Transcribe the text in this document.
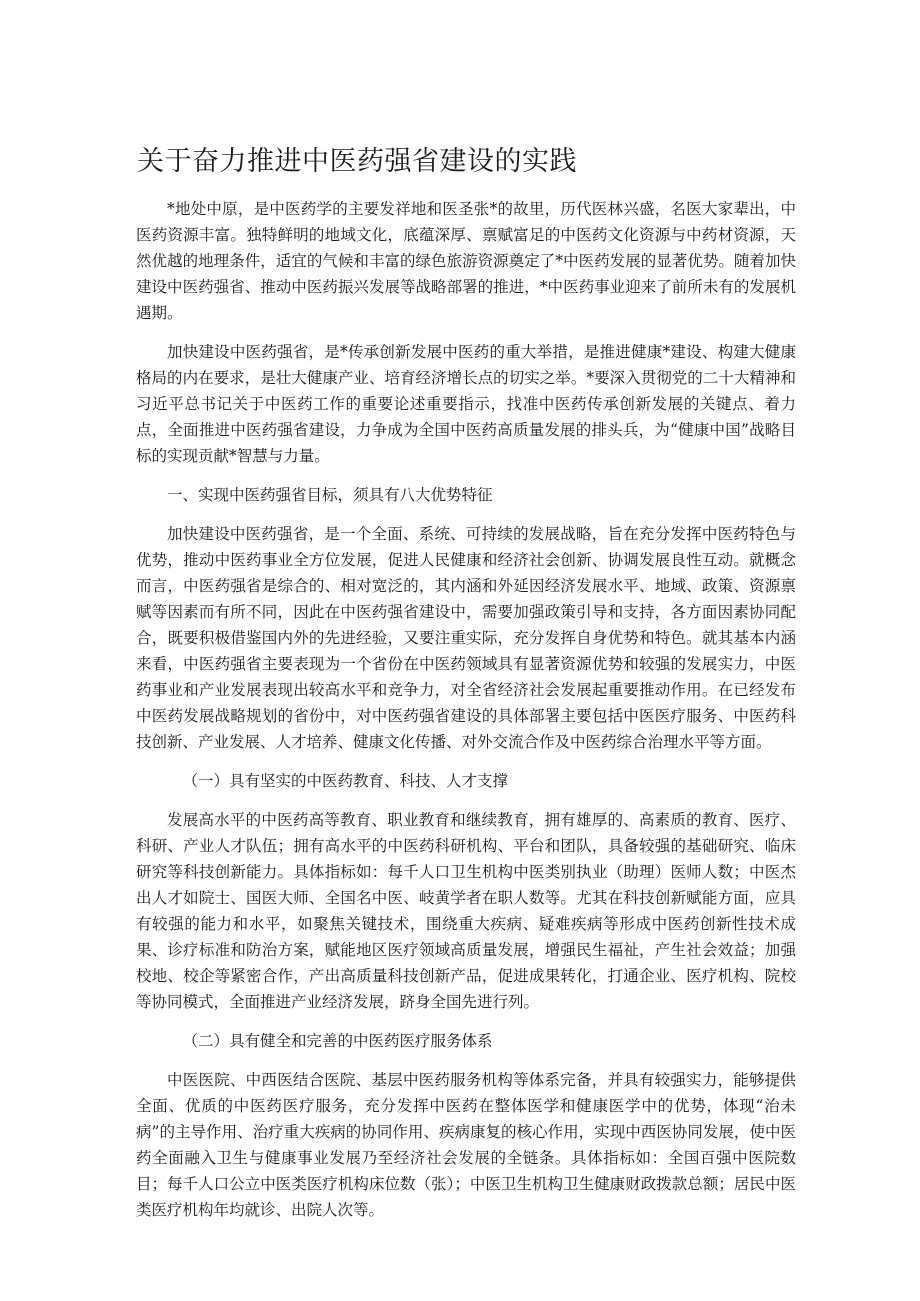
关于奋力推进中医药强省建设的实践

*地处中原，是中医药学的主要发祥地和医圣张*的故里，历代医林兴盛，名医大家辈出，中医药资源丰富。独特鲜明的地域文化，底蕴深厚、禀赋富足的中医药文化资源与中药材资源，天然优越的地理条件，适宜的气候和丰富的绿色旅游资源奠定了*中医药发展的显著优势。随着加快建设中医药强省、推动中医药振兴发展等战略部署的推进，*中医药事业迎来了前所未有的发展机遇期。

加快建设中医药强省，是*传承创新发展中医药的重大举措，是推进健康*建设、构建大健康格局的内在要求，是壮大健康产业、培育经济增长点的切实之举。*要深入贯彻党的二十大精神和习近平总书记关于中医药工作的重要论述重要指示，找准中医药传承创新发展的关键点、着力点，全面推进中医药强省建设，力争成为全国中医药高质量发展的排头兵，为“健康中国”战略目标的实现贡献*智慧与力量。

一、实现中医药强省目标，须具有八大优势特征

加快建设中医药强省，是一个全面、系统、可持续的发展战略，旨在充分发挥中医药特色与优势，推动中医药事业全方位发展，促进人民健康和经济社会创新、协调发展良性互动。就概念而言，中医药强省是综合的、相对宽泛的，其内涵和外延因经济发展水平、地域、政策、资源禀赋等因素而有所不同，因此在中医药强省建设中，需要加强政策引导和支持，各方面因素协同配合，既要积极借鉴国内外的先进经验，又要注重实际，充分发挥自身优势和特色。就其基本内涵来看，中医药强省主要表现为一个省份在中医药领域具有显著资源优势和较强的发展实力，中医药事业和产业发展表现出较高水平和竞争力，对全省经济社会发展起重要推动作用。在已经发布中医药发展战略规划的省份中，对中医药强省建设的具体部署主要包括中医医疗服务、中医药科技创新、产业发展、人才培养、健康文化传播、对外交流合作及中医药综合治理水平等方面。

（一）具有坚实的中医药教育、科技、人才支撑

发展高水平的中医药高等教育、职业教育和继续教育，拥有雄厚的、高素质的教育、医疗、科研、产业人才队伍；拥有高水平的中医药科研机构、平台和团队，具备较强的基础研究、临床研究等科技创新能力。具体指标如：每千人口卫生机构中医类别执业（助理）医师人数；中医杰出人才如院士、国医大师、全国名中医、岐黄学者在职人数等。尤其在科技创新赋能方面，应具有较强的能力和水平，如聚焦关键技术，围绕重大疾病、疑难疾病等形成中医药创新性技术成果、诊疗标准和防治方案，赋能地区医疗领域高质量发展，增强民生福祉，产生社会效益；加强校地、校企等紧密合作，产出高质量科技创新产品，促进成果转化，打通企业、医疗机构、院校等协同模式，全面推进产业经济发展，跻身全国先进行列。

（二）具有健全和完善的中医药医疗服务体系

中医医院、中西医结合医院、基层中医药服务机构等体系完备，并具有较强实力，能够提供全面、优质的中医药医疗服务，充分发挥中医药在整体医学和健康医学中的优势，体现“治未病”的主导作用、治疗重大疾病的协同作用、疾病康复的核心作用，实现中西医协同发展，使中医药全面融入卫生与健康事业发展乃至经济社会发展的全链条。具体指标如：全国百强中医院数目；每千人口公立中医类医疗机构床位数（张）；中医卫生机构卫生健康财政拨款总额；居民中医类医疗机构年均就诊、出院人次等。
